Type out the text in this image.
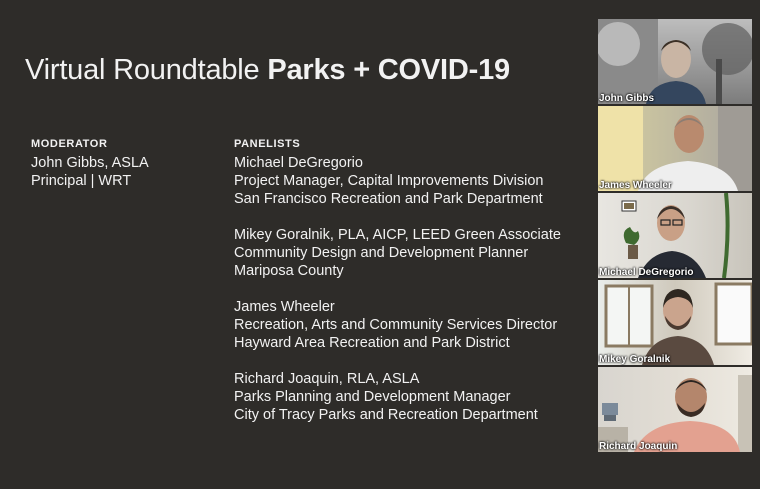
Virtual Roundtable Parks + COVID-19
MODERATOR
John Gibbs, ASLA
Principal | WRT
PANELISTS
Michael DeGregorio
Project Manager, Capital Improvements Division
San Francisco Recreation and Park Department
Mikey Goralnik, PLA, AICP, LEED Green Associate
Community Design and Development Planner
Mariposa County
James Wheeler
Recreation, Arts and Community Services Director
Hayward Area Recreation and Park District
Richard Joaquin, RLA, ASLA
Parks Planning and Development Manager
City of Tracy Parks and Recreation Department
John Gibbs
James Wheeler
Michael DeGregorio
Mikey Goralnik
Richard Joaquin
